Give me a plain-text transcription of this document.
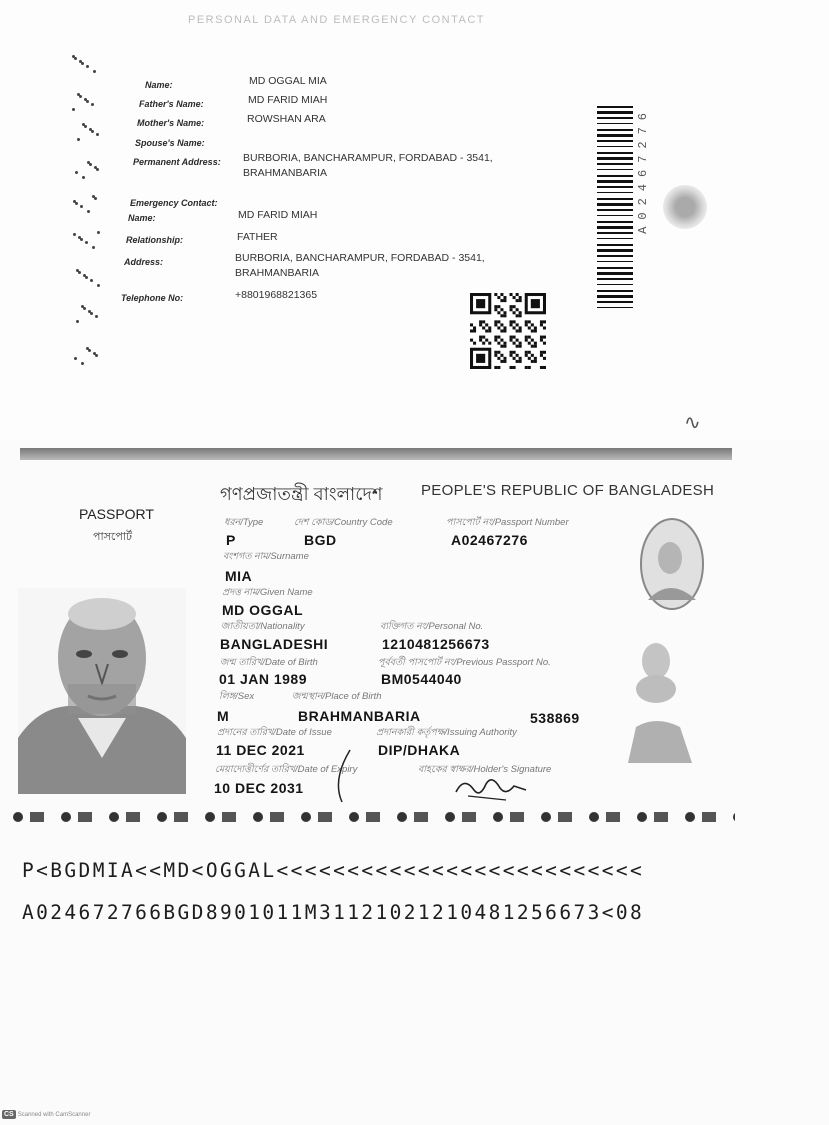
PERSONAL DATA AND EMERGENCY CONTACT
Name:	MD OGGAL MIA
Father's Name:	MD FARID MIAH
Mother's Name:	ROWSHAN ARA
Spouse's Name:
Permanent Address: BURBORIA, BANCHARAMPUR, FORDABAD - 3541,
BRAHMANBARIA
Emergency Contact:
Name:	MD FARID MIAH
Relationship:	FATHER
Address:	BURBORIA, BANCHARAMPUR, FORDABAD - 3541,
BRAHMANBARIA
Telephone No:	+8801968821365
A02467276
∿
গণপ্রজাতন্ত্রী বাংলাদেশ	PEOPLE'S REPUBLIC OF BANGLADESH
PASSPORT
পাসপোর্ট
ধরন/Type	দেশ কোড/Country Code	পাসপোর্ট নং/Passport Number
P	BGD	A02467276
বংশগত নাম/Surname
MIA
প্রদত্ত নাম/Given Name
MD OGGAL
জাতীয়তা/Nationality	ব্যক্তিগত নং/Personal No.
BANGLADESHI	1210481256673
জন্ম তারিখ/Date of Birth	পূর্ববর্তী পাসপোর্ট নং/Previous Passport No.
01 JAN 1989	BM0544040
লিঙ্গ/Sex	জন্মস্থান/Place of Birth
M	BRAHMANBARIA	538869
প্রদানের তারিখ/Date of Issue	প্রদানকারী কর্তৃপক্ষ/Issuing Authority
11 DEC 2021	DIP/DHAKA
মেয়াদোত্তীর্ণের তারিখ/Date of Expiry	বাহকের স্বাক্ষর/Holder's Signature
10 DEC 2031
P<BGDMIA<<MD<OGGAL<<<<<<<<<<<<<<<<<<<<<<<<<<
A024672766BGD8901011M3112102121048125667​3<08
CS Scanned with CamScanner
